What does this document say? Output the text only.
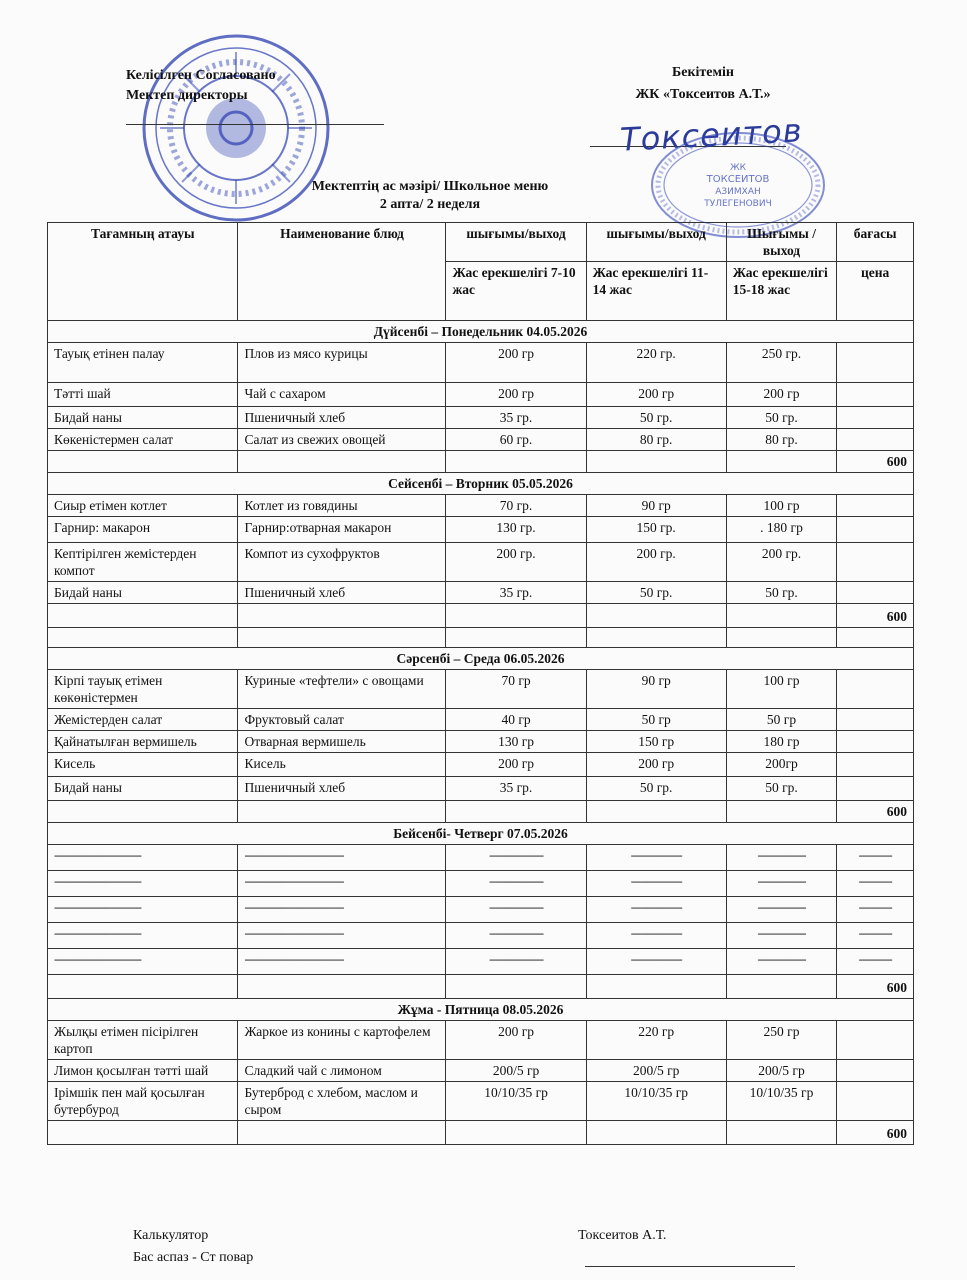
Келісілген Согласовано
Мектеп директоры
Бекітемін
ЖК «Токсеитов А.Т.»
Токсеитов
ЖК
ТОКСЕИТОВ
АЗИМХАН
ТУЛЕГЕНОВИЧ
Мектептің ас мәзірі/ Школьное меню
2 апта/ 2 неделя
Тағамның атауы	Наименование блюд	шығымы/выход	шығымы/выход	Шығымы /выход	бағасы
		Жас ерекшелігі 7-10 жас	Жас ерекшелігі 11-14 жас	Жас ерекшелігі 15-18 жас	цена
Дүйсенбі – Понедельник 04.05.2026					
Тауық етінен палау	Плов из мясо курицы	200 гр	220 гр.	250 гр.	
Тәтті шай	Чай с сахаром	200 гр	200 гр	200 гр	
Бидай наны	Пшеничный хлеб	35 гр.	50 гр.	50 гр.	
Көкеністермен салат	Салат из свежих овощей	60 гр.	80 гр.	80 гр.	
					600
Сейсенбі – Вторник 05.05.2026					
Сиыр етімен котлет	Котлет из говядины	70 гр.	90 гр	100 гр	
Гарнир: макарон	Гарнир:отварная макарон	130 гр.	150 гр.	. 180 гр	
Кептірілген жемістерден компот	Компот из сухофруктов	200 гр.	200 гр.	200 гр.	
Бидай наны	Пшеничный хлеб	35 гр.	50 гр.	50 гр.	
					600

Сәрсенбі – Среда 06.05.2026					
Кірпі тауық етімен көкөністермен	Куриные «тефтели» с овощами	70 гр	90 гр	100 гр	
Жемістерден салат	Фруктовый салат	40 гр	50 гр	50 гр	
Қайнатылған вермишель	Отварная вермишель	130 гр	150 гр	180 гр	
Кисель	Кисель	200 гр	200 гр	200гр	
Бидай наны	Пшеничный хлеб	35 гр.	50 гр.	50 гр.	
					600
Бейсенбі- Четверг 07.05.2026					
-----------------------------	---------------------------------	------------------	-----------------	----------------	-----------
-----------------------------	---------------------------------	------------------	-----------------	----------------	-----------
-----------------------------	---------------------------------	------------------	-----------------	----------------	-----------
-----------------------------	---------------------------------	------------------	-----------------	----------------	-----------
-----------------------------	---------------------------------	------------------	-----------------	----------------	-----------
					600
Жұма - Пятница 08.05.2026					
Жылқы етімен пісірілген картоп	Жаркое из конины с картофелем	200 гр	220 гр	250 гр	
Лимон қосылған тәтті шай	Сладкий чай с лимоном	200/5 гр	200/5 гр	200/5 гр	
Ірімшік пен май қосылған бутербурод	Бутерброд с хлебом, маслом и сыром	10/10/35 гр	10/10/35 гр	10/10/35 гр	
					600
Калькулятор
Бас аспаз - Ст повар
Токсеитов А.Т.
